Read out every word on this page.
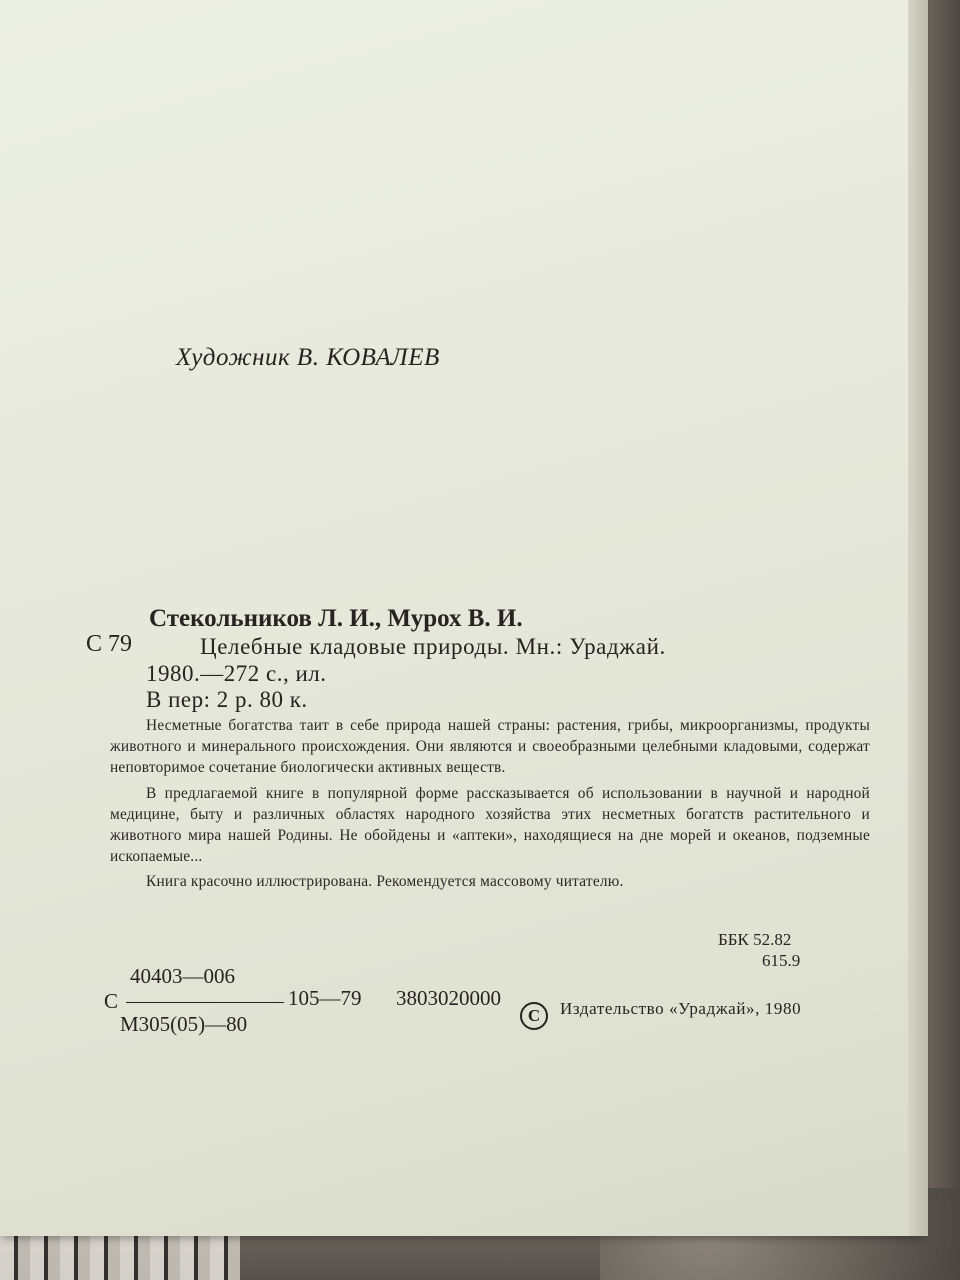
Художник В. КОВАЛЕВ
Стекольников Л. И., Мурох В. И.
С 79	Целебные кладовые природы. Мн.: Ураджай.
1980.—272 с., ил.
В пер: 2 р. 80 к.

Несметные богатства таит в себе природа нашей страны: растения, грибы, микроорганизмы, продукты животного и минерального происхождения. Они являются и своеобразными целебными кладовыми, содержат неповторимое сочетание биологически активных веществ.

В предлагаемой книге в популярной форме рассказывается об использовании в научной и народной медицине, быту и различных областях народного хозяйства этих несметных богатств растительного и животного мира нашей Родины. Не обойдены и «аптеки», находящиеся на дне морей и океанов, подземные ископаемые...

Книга красочно иллюстрирована. Рекомендуется массовому читателю.

ББК 52.82
615.9
40403—006
С	105—79 3803020000
М305(05)—80	C	Издательство «Ураджай», 1980
